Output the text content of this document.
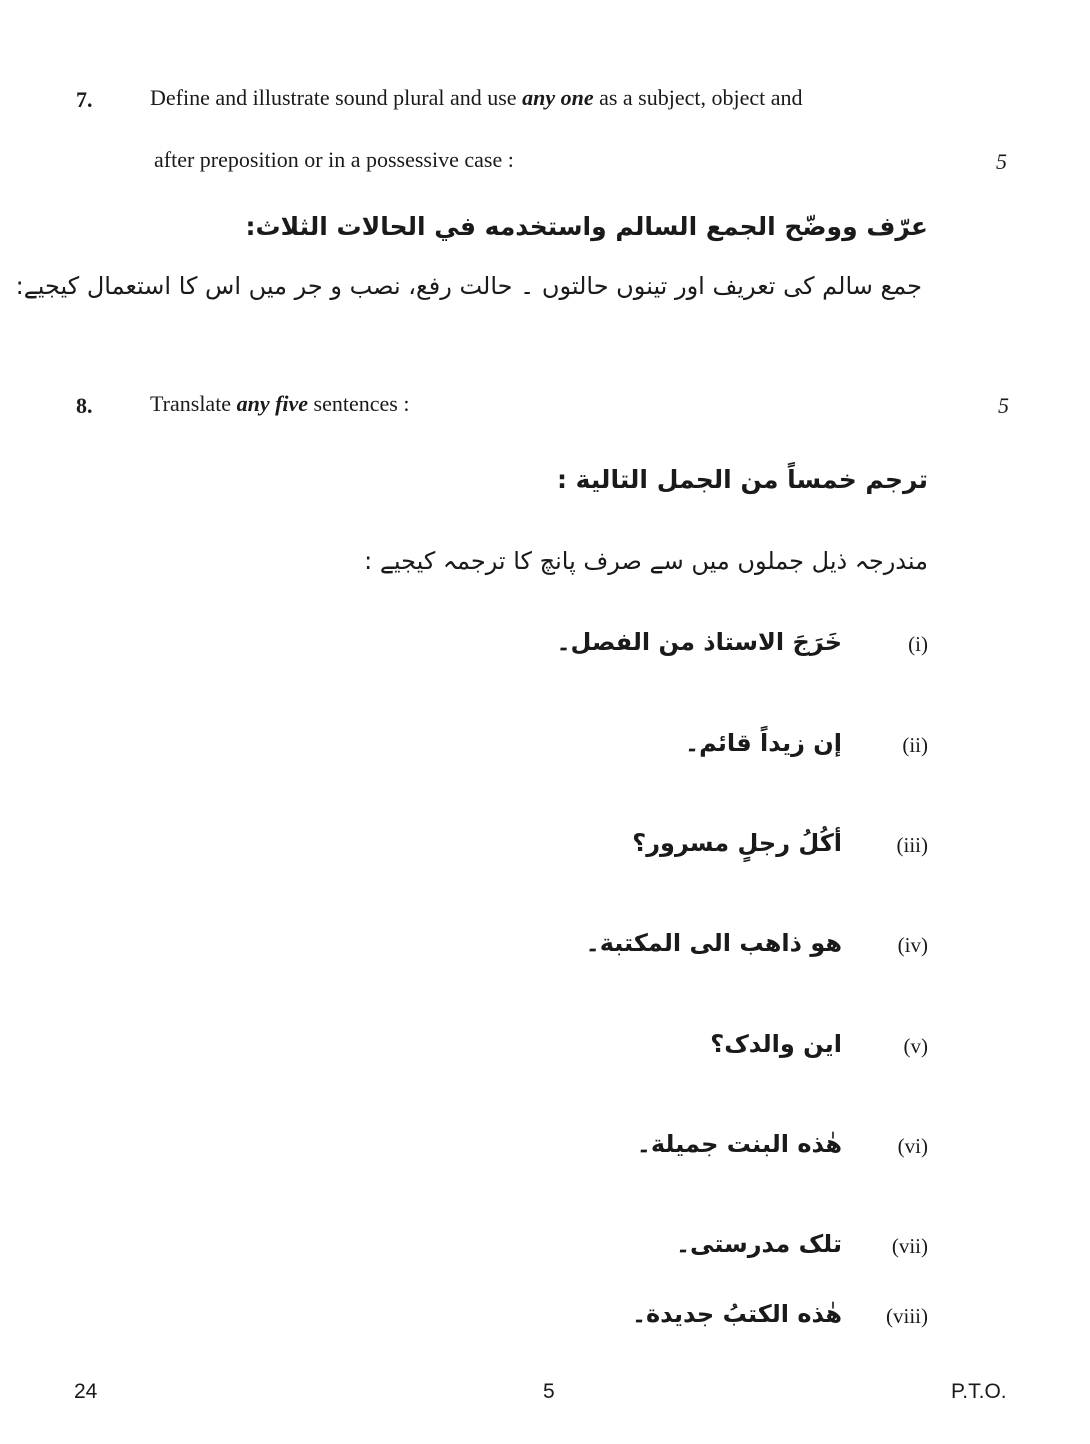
7.	Define and illustrate sound plural and use any one as a subject, object and
after preposition or in a possessive case :	5
عرّف ووضّح الجمع السالم واستخدمه في الحالات الثلاث:
جمع سالم کی تعریف اور تینوں حالتوں ۔ حالت رفع، نصب و جر میں اس کا استعمال کیجیے:
8.	Translate any five sentences :	5
ترجم خمساً من الجمل التالية :
مندرجہ ذیل جملوں میں سے صرف پانچ کا ترجمہ کیجیے :
(i)
خَرَجَ الاستاذ من الفصل۔
(ii)
إن زيداً قائم۔
(iii)
أكُلُ رجلٍ مسرور؟
(iv)
هو ذاهب الى المكتبة۔
(v)
اين والدک؟
(vi)
هٰذه البنت جميلة۔
(vii)
تلک مدرستی۔
(viii)
هٰذه الكتبُ جديدة۔
24	5	P.T.O.
